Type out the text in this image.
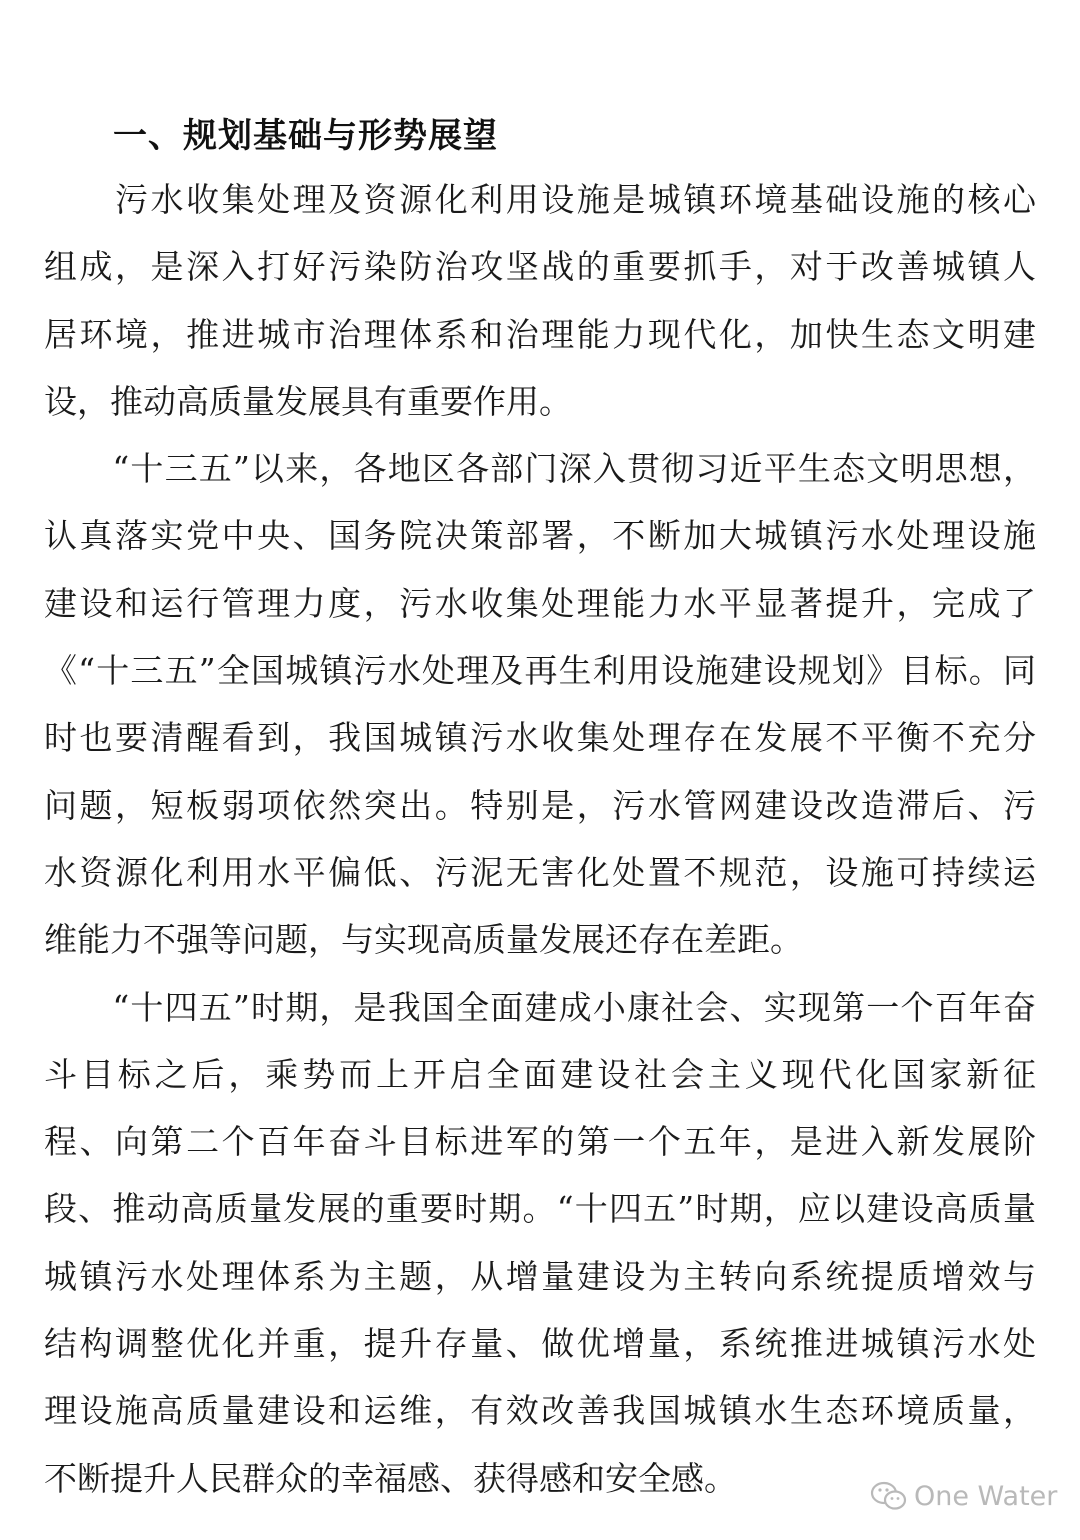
一、规划基础与形势展望
　　污水收集处理及资源化利用设施是城镇环境基础设施的核心
组成，是深入打好污染防治攻坚战的重要抓手，对于改善城镇人
居环境，推进城市治理体系和治理能力现代化，加快生态文明建
设，推动高质量发展具有重要作用。
　　“十三五”以来，各地区各部门深入贯彻习近平生态文明思想，
认真落实党中央、国务院决策部署，不断加大城镇污水处理设施
建设和运行管理力度，污水收集处理能力水平显著提升，完成了
《“十三五”全国城镇污水处理及再生利用设施建设规划》目标。同
时也要清醒看到，我国城镇污水收集处理存在发展不平衡不充分
问题，短板弱项依然突出。特别是，污水管网建设改造滞后、污
水资源化利用水平偏低、污泥无害化处置不规范，设施可持续运
维能力不强等问题，与实现高质量发展还存在差距。
　　“十四五”时期，是我国全面建成小康社会、实现第一个百年奋
斗目标之后，乘势而上开启全面建设社会主义现代化国家新征
程、向第二个百年奋斗目标进军的第一个五年，是进入新发展阶
段、推动高质量发展的重要时期。“十四五”时期，应以建设高质量
城镇污水处理体系为主题，从增量建设为主转向系统提质增效与
结构调整优化并重，提升存量、做优增量，系统推进城镇污水处
理设施高质量建设和运维，有效改善我国城镇水生态环境质量，
不断提升人民群众的幸福感、获得感和安全感。	One Water
